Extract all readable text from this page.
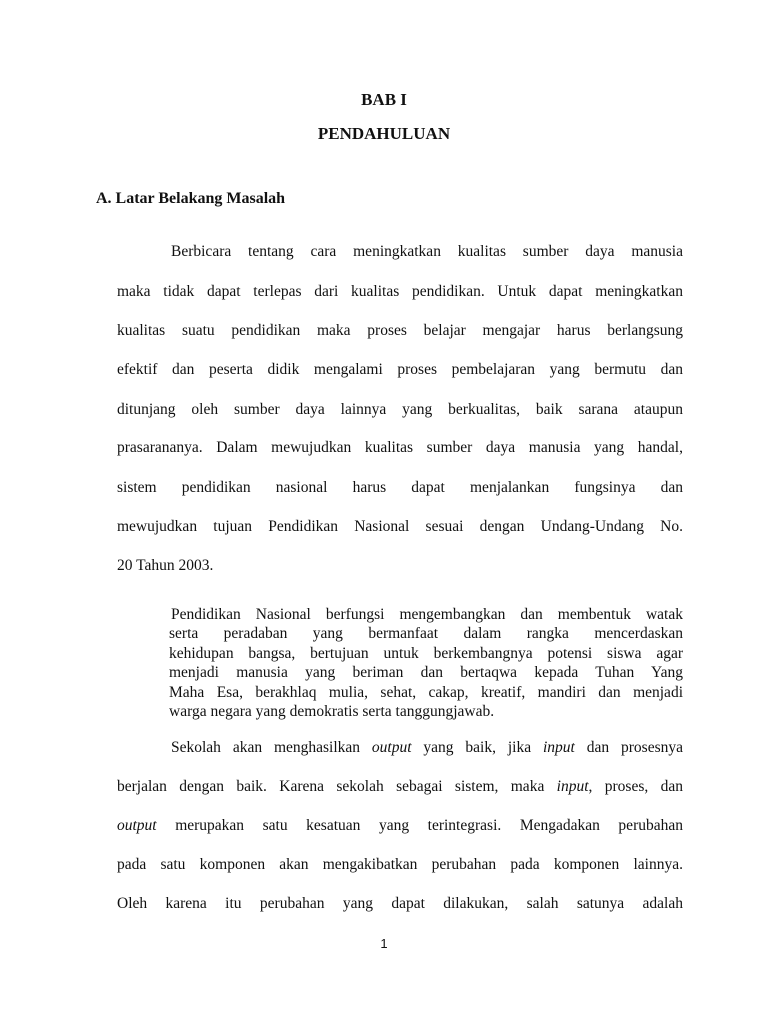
BAB I
PENDAHULUAN
A. Latar Belakang Masalah
Berbicara tentang cara meningkatkan kualitas sumber daya manusia
maka tidak dapat terlepas dari kualitas pendidikan. Untuk dapat meningkatkan
kualitas suatu pendidikan maka proses belajar mengajar harus berlangsung
efektif dan peserta didik mengalami proses pembelajaran yang bermutu dan
ditunjang oleh sumber daya lainnya yang berkualitas, baik sarana ataupun
prasarananya. Dalam mewujudkan kualitas sumber daya manusia yang handal,
sistem pendidikan nasional harus dapat menjalankan fungsinya dan
mewujudkan tujuan Pendidikan Nasional sesuai dengan Undang-Undang No.
20 Tahun 2003.
Pendidikan Nasional berfungsi mengembangkan dan membentuk watak
serta peradaban yang bermanfaat dalam rangka mencerdaskan
kehidupan bangsa, bertujuan untuk berkembangnya potensi siswa agar
menjadi manusia yang beriman dan bertaqwa kepada Tuhan Yang
Maha Esa, berakhlaq mulia, sehat, cakap, kreatif, mandiri dan menjadi
warga negara yang demokratis serta tanggungjawab.
Sekolah akan menghasilkan output yang baik, jika input dan prosesnya
berjalan dengan baik. Karena sekolah sebagai sistem, maka input, proses, dan
output merupakan satu kesatuan yang terintegrasi. Mengadakan perubahan
pada satu komponen akan mengakibatkan perubahan pada komponen lainnya.
Oleh karena itu perubahan yang dapat dilakukan, salah satunya adalah
1
